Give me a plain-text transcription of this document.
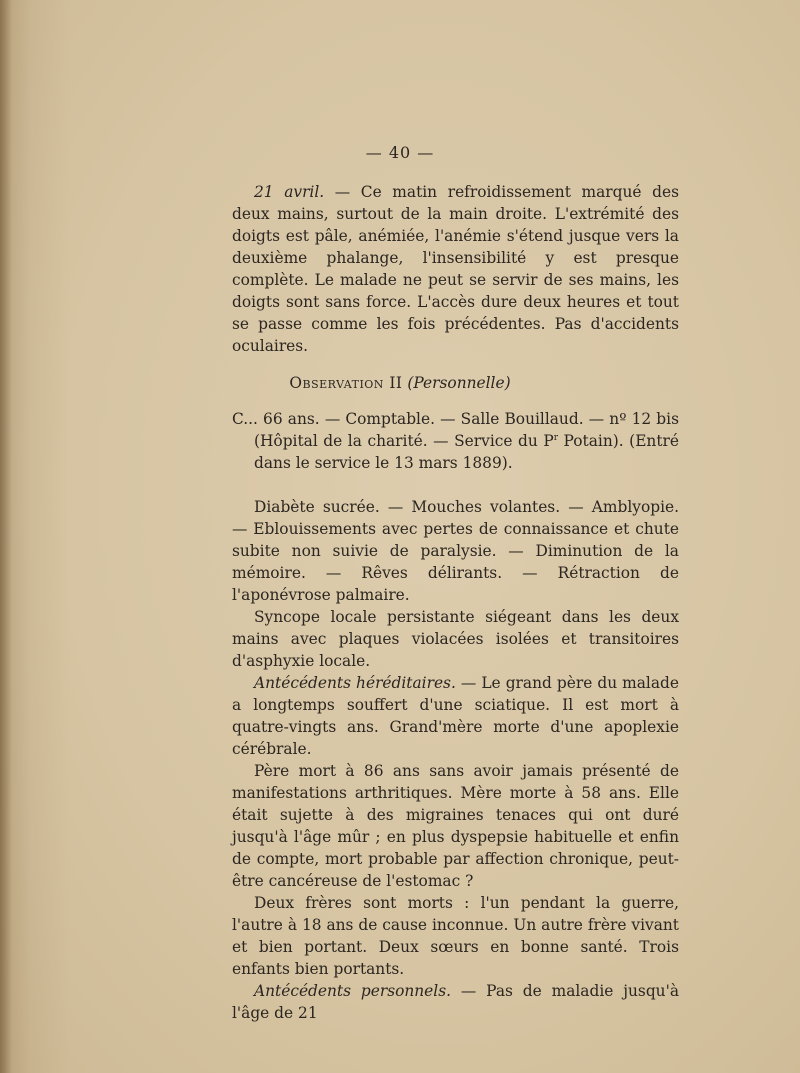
— 40 —

21 avril. — Ce matin refroidissement marqué des deux mains, surtout de la main droite. L'extrémité des doigts est pâle, anémiée, l'anémie s'étend jusque vers la deuxième phalange, l'insensibilité y est presque complète. Le malade ne peut se servir de ses mains, les doigts sont sans force. L'accès dure deux heures et tout se passe comme les fois précédentes. Pas d'accidents oculaires.

Observation II (Personnelle)

C... 66 ans. — Comptable. — Salle Bouillaud. — nº 12 bis (Hôpital de la charité. — Service du $P^r$ Potain). (Entré dans le service le 13 mars 1889).

Diabète sucrée. — Mouches volantes. — Amblyopie. — Eblouissements avec pertes de connaissance et chute subite non suivie de paralysie. — Diminution de la mémoire. — Rêves délirants. — Rétraction de l'aponévrose palmaire.

Syncope locale persistante siégeant dans les deux mains avec plaques violacées isolées et transitoires d'asphyxie locale.

Antécédents héréditaires. — Le grand père du malade a longtemps souffert d'une sciatique. Il est mort à quatre-vingts ans. Grand'mère morte d'une apoplexie cérébrale.

Père mort à 86 ans sans avoir jamais présenté de manifestations arthritiques. Mère morte à 58 ans. Elle était sujette à des migraines tenaces qui ont duré jusqu'à l'âge mûr ; en plus dyspepsie habituelle et enfin de compte, mort probable par affection chronique, peut-être cancéreuse de l'estomac ?

Deux frères sont morts : l'un pendant la guerre, l'autre à 18 ans de cause inconnue. Un autre frère vivant et bien portant. Deux sœurs en bonne santé. Trois enfants bien portants.

Antécédents personnels. — Pas de maladie jusqu'à l'âge de 21
